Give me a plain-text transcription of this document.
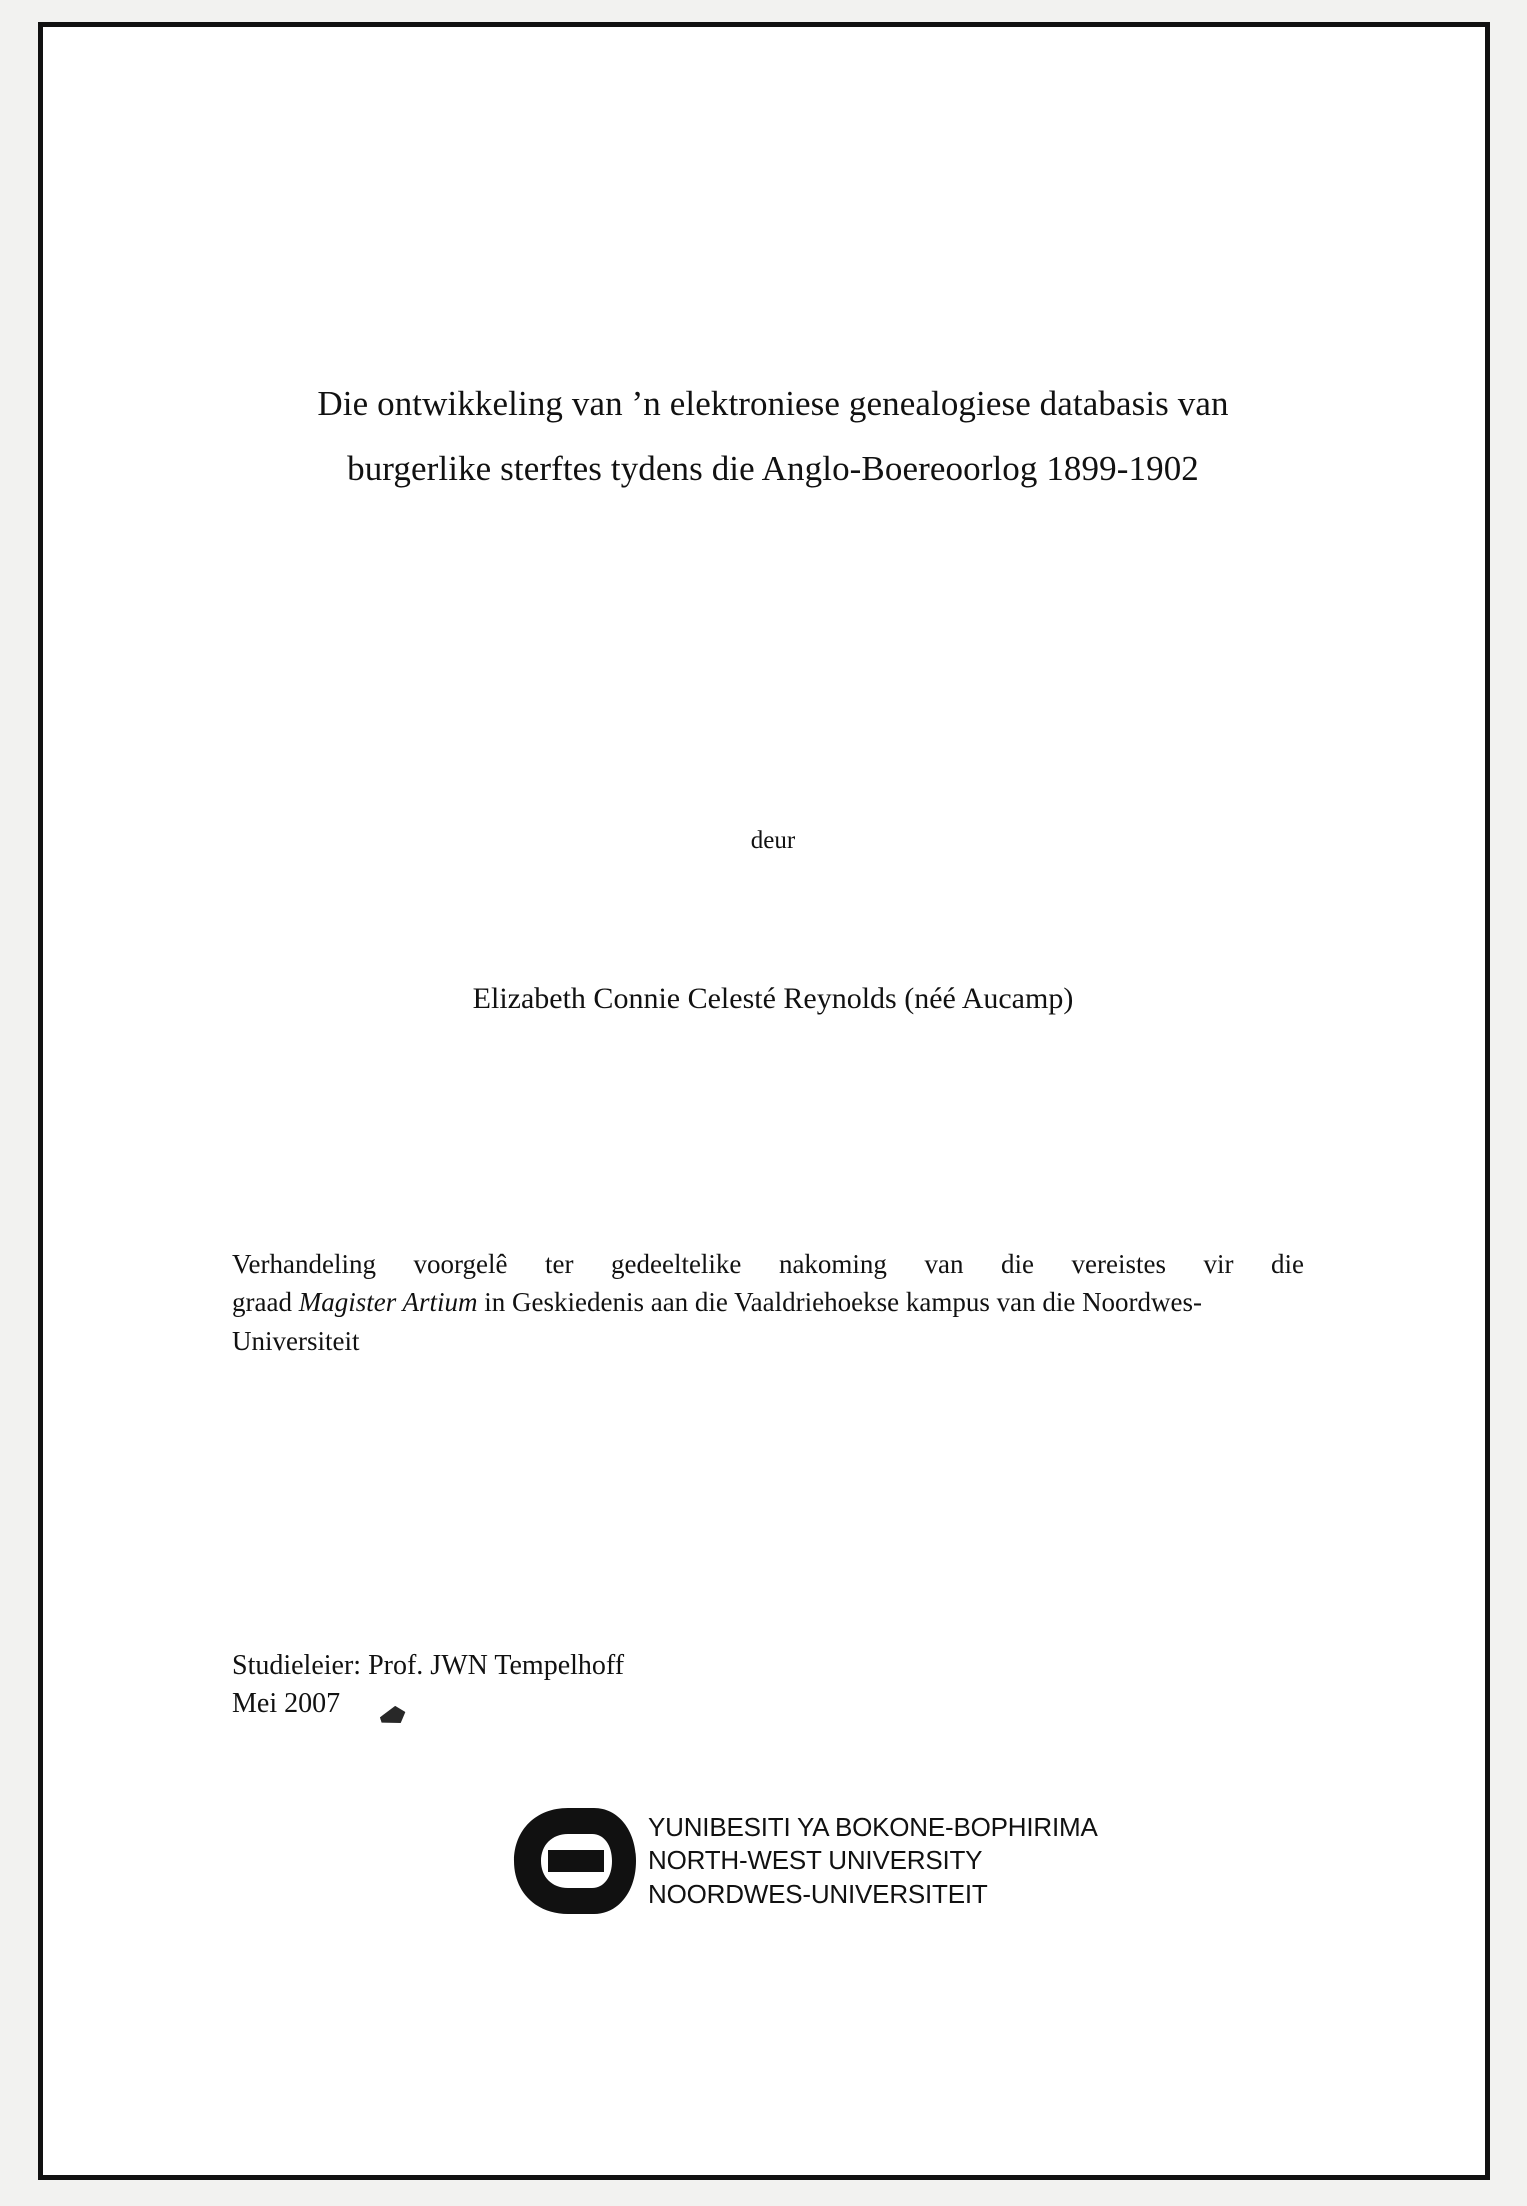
Die ontwikkeling van ’n elektroniese genealogiese databasis van
burgerlike sterftes tydens die Anglo-Boereoorlog 1899-1902
deur
Elizabeth Connie Celesté Reynolds (néé Aucamp)
Verhandeling voorgelê ter gedeeltelike nakoming van die vereistes vir die
graad Magister Artium in Geskiedenis aan die Vaaldriehoekse kampus van die Noordwes-Universiteit
Studieleier: Prof. JWN Tempelhoff
Mei 2007
YUNIBESITI YA BOKONE-BOPHIRIMA
NORTH-WEST UNIVERSITY
NOORDWES-UNIVERSITEIT
